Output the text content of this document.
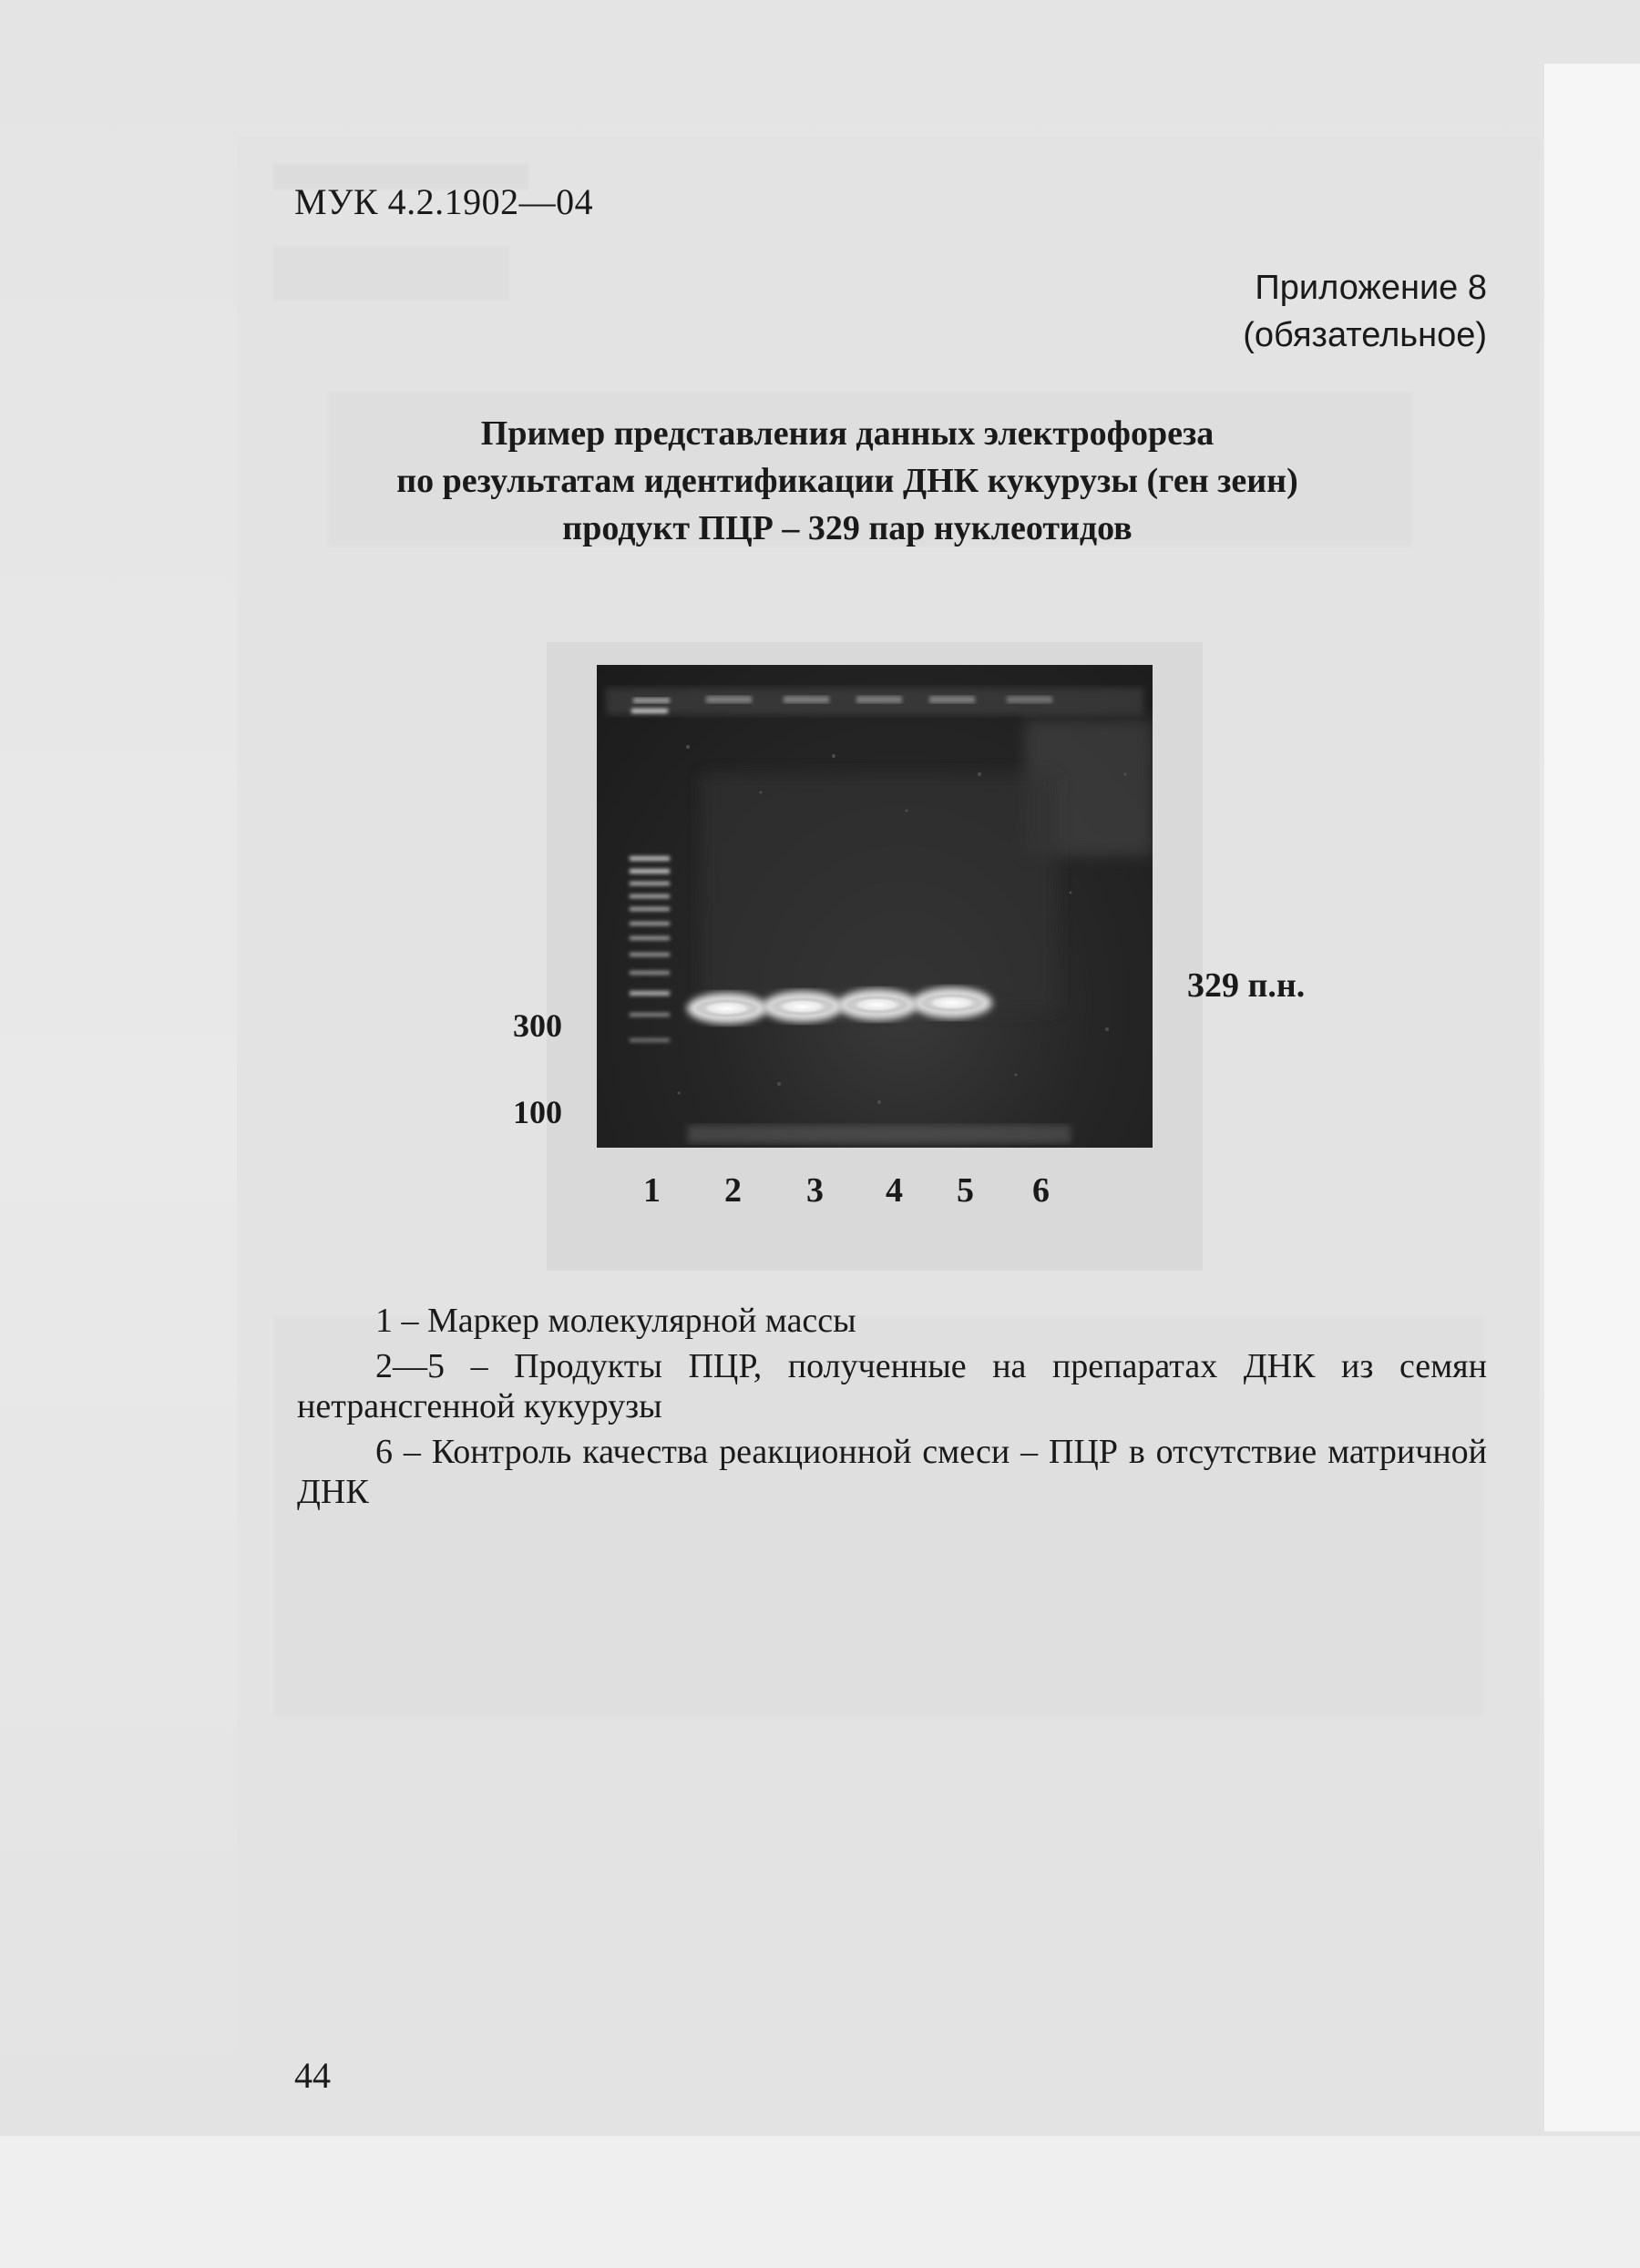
МУК 4.2.1902—04
Приложение 8
(обязательное)
Пример представления данных электрофореза
по результатам идентификации ДНК кукурузы (ген зеин)
продукт ПЦР – 329 пар нуклеотидов
329 п.н.
300
100
1 2 3 4 5 6

1 – Маркер молекулярной массы

2—5 – Продукты ПЦР, полученные на препаратах ДНК из семян нетрансгенной кукурузы

6 – Контроль качества реакционной смеси – ПЦР в отсутствие матричной ДНК

44
